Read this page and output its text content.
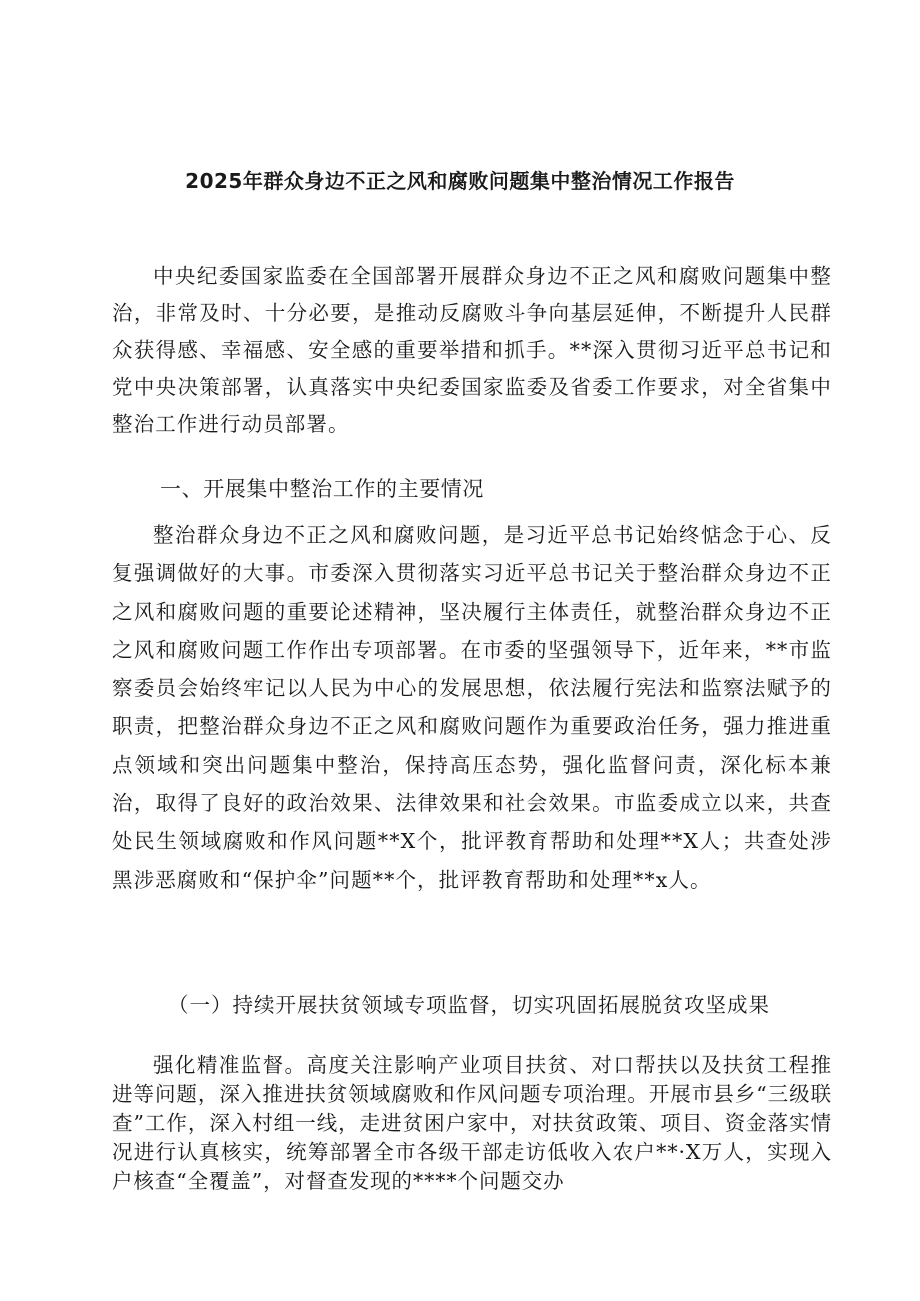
2025年群众身边不正之风和腐败问题集中整治情况工作报告

中央纪委国家监委在全国部署开展群众身边不正之风和腐败问题集中整治，非常及时、十分必要，是推动反腐败斗争向基层延伸，不断提升人民群众获得感、幸福感、安全感的重要举措和抓手。**深入贯彻习近平总书记和党中央决策部署，认真落实中央纪委国家监委及省委工作要求，对全省集中整治工作进行动员部署。

一、开展集中整治工作的主要情况

整治群众身边不正之风和腐败问题，是习近平总书记始终惦念于心、反复强调做好的大事。市委深入贯彻落实习近平总书记关于整治群众身边不正之风和腐败问题的重要论述精神，坚决履行主体责任，就整治群众身边不正之风和腐败问题工作作出专项部署。在市委的坚强领导下，近年来，**市监察委员会始终牢记以人民为中心的发展思想，依法履行宪法和监察法赋予的职责，把整治群众身边不正之风和腐败问题作为重要政治任务，强力推进重点领域和突出问题集中整治，保持高压态势，强化监督问责，深化标本兼治，取得了良好的政治效果、法律效果和社会效果。市监委成立以来，共查处民生领域腐败和作风问题**X个，批评教育帮助和处理**X人；共查处涉黑涉恶腐败和“保护伞”问题**个，批评教育帮助和处理**x人。

（一）持续开展扶贫领域专项监督，切实巩固拓展脱贫攻坚成果

强化精准监督。高度关注影响产业项目扶贫、对口帮扶以及扶贫工程推进等问题，深入推进扶贫领域腐败和作风问题专项治理。开展市县乡“三级联查”工作，深入村组一线，走进贫困户家中，对扶贫政策、项目、资金落实情况进行认真核实，统筹部署全市各级干部走访低收入农户**·X万人，实现入户核查“全覆盖”，对督查发现的****个问题交办
